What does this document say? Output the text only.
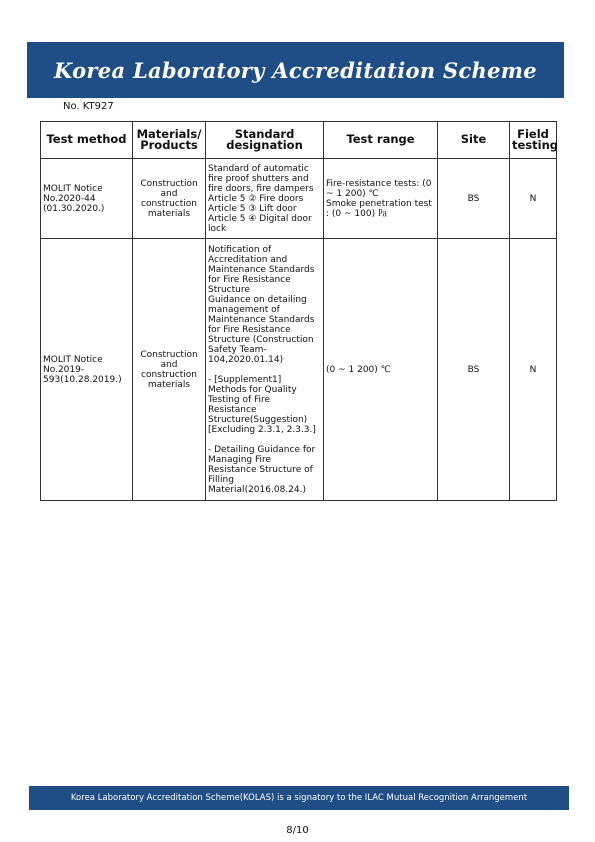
Korea Laboratory Accreditation Scheme
No. KT927
Test method	Materials/ Products	Standard designation	Test range	Site	Field testing
MOLIT Notice No.2020-44 (01.30.2020.)	Construction and construction materials	Standard of automatic fire proof shutters and fire doors, fire dampers
Article 5 ② Fire doors
Article 5 ③ Lift door
Article 5 ④ Digital door lock	Fire-resistance tests: (0 ~ 1 200) ℃
Smoke penetration test : (0 ~ 100) ㎩	BS	N
MOLIT Notice No.2019-593(10.28.2019.)	Construction and construction materials	Notification of Accreditation and Maintenance Standards for Fire Resistance Structure
Guidance on detailing management of Maintenance Standards for Fire Resistance Structure (Construction Safety Team-104,2020.01.14)
- [Supplement1] Methods for Quality Testing of Fire Resistance Structure(Suggestion) [Excluding 2.3.1, 2.3.3.]
- Detailing Guidance for Managing Fire Resistance Structure of Filling Material(2016.08.24.)	(0 ~ 1 200) ℃	BS	N
Korea Laboratory Accreditation Scheme(KOLAS) is a signatory to the ILAC Mutual Recognition Arrangement
8/10
